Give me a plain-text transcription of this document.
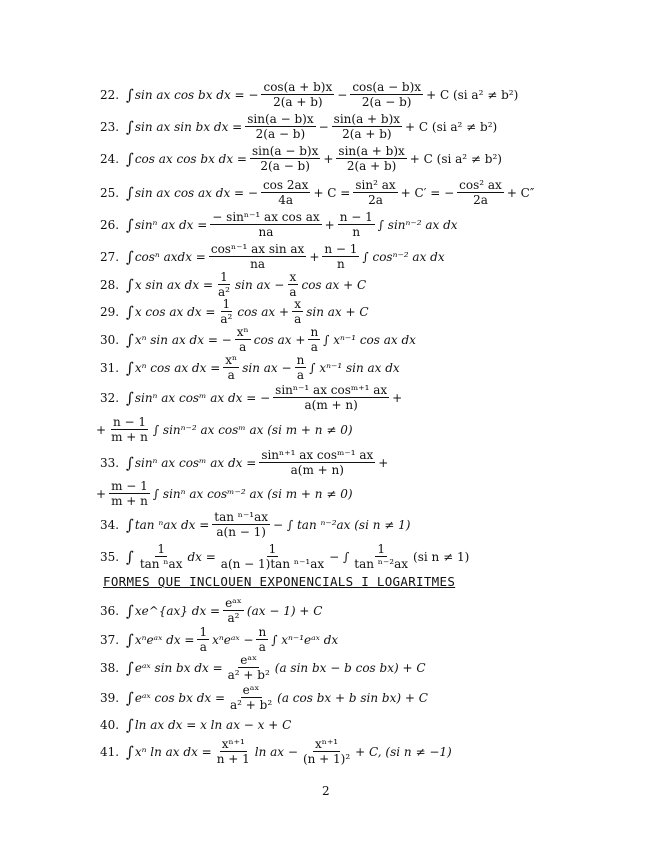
22. ∫ sin ax cos bx dx = − $\frac{\cos(a + b)x}{2(a + b)} - \frac{\cos(a - b)x}{2(a - b)} + C$ (si a² ≠ b²)
23. ∫ sin ax sin bx dx = $\frac{\sin(a - b)x}{2(a - b)} - \frac{\sin(a + b)x}{2(a + b)} + C$ (si a² ≠ b²)
24. ∫ cos ax cos bx dx = $\frac{\sin(a - b)x}{2(a - b)} + \frac{\sin(a + b)x}{2(a + b)} + C$ (si a² ≠ b²)
25. ∫ sin ax cos ax dx = − $\frac{\cos 2ax}{4a} + C = \frac{\text{sin² ax}}{2a} + C'$ = − $\frac{\text{cos² ax}}{2a} + C''$
26. ∫ sinⁿ ax dx = $\frac{\text{− sinⁿ⁻¹ ax cos ax}}{na} + \frac{n - 1}{n}$ ∫ sinⁿ⁻² ax dx
27. ∫ cosⁿ axdx = $\frac{\text{cosⁿ⁻¹ ax sin ax}}{na} + \frac{n - 1}{n}$ ∫ cosⁿ⁻² ax dx
28. ∫ x sin ax dx = $\frac{1}{\text{a²}}$ sin ax − $\frac{x}{a}$ cos ax + C
29. ∫ x cos ax dx = $\frac{1}{\text{a²}}$ cos ax + $\frac{x}{a}$ sin ax + C
30. ∫ xⁿ sin ax dx = − $\frac{\text{xⁿ}}{a}$ cos ax + $\frac{n}{a}$ ∫ xⁿ⁻¹ cos ax dx
31. ∫ xⁿ cos ax dx = $\frac{\text{xⁿ}}{a}$ sin ax − $\frac{n}{a}$ ∫ xⁿ⁻¹ sin ax dx
32. ∫ sinⁿ ax cosᵐ ax dx = − $\frac{\text{sinⁿ⁻¹ ax cosᵐ⁺¹ ax}}{a(m + n)}$ +
+ $\frac{n - 1}{m + n}$ ∫ sinⁿ⁻² ax cosᵐ ax (si m + n ≠ 0)
33. ∫ sinⁿ ax cosᵐ ax dx = $\frac{\text{sinⁿ⁺¹ ax cosᵐ⁻¹ ax}}{a(m + n)}$ +
+ $\frac{m - 1}{m + n}$ ∫ sinⁿ ax cosᵐ⁻² ax (si m + n ≠ 0)
34. ∫ tan ⁿax dx = $\frac{\text{tan ⁿ⁻¹ax}}{a(n - 1)}$ − ∫ tan ⁿ⁻²ax (si n ≠ 1)
35. ∫ 1
tan ⁿax
dx = $\frac{1}{\text{a(n − 1)tan ⁿ⁻¹ax}}$ − ∫ $\frac{1}{\text{tan ⁿ⁻²ax}} (si$ n ≠ 1)
FORMES QUE INCLOUEN EXPONENCIALS I LOGARITMES
36. ∫ xe^{ax} dx =
eᵃˣ
a²
(ax − 1) + C
37. ∫ xⁿeᵃˣ dx = $\frac{1}{a}$ xⁿeᵃˣ − $\frac{n}{a}$ ∫ xⁿ⁻¹eᵃˣ dx
38. ∫ eᵃˣ sin bx dx =
eᵃˣ
a² + b²
(a sin bx − b cos bx) + C
39. ∫ eᵃˣ cos bx dx =
eᵃˣ
a² + b²
(a cos bx + b sin bx) + C
40. ∫ ln ax dx = x ln ax − x + C
41. ∫ xⁿ ln ax dx = $\frac{\text{xⁿ⁺¹}}{n + 1}$ ln ax − $\frac{\text{xⁿ⁺¹}}{\text{(n + 1)²}} + C$, (si n ≠ −1)
2
